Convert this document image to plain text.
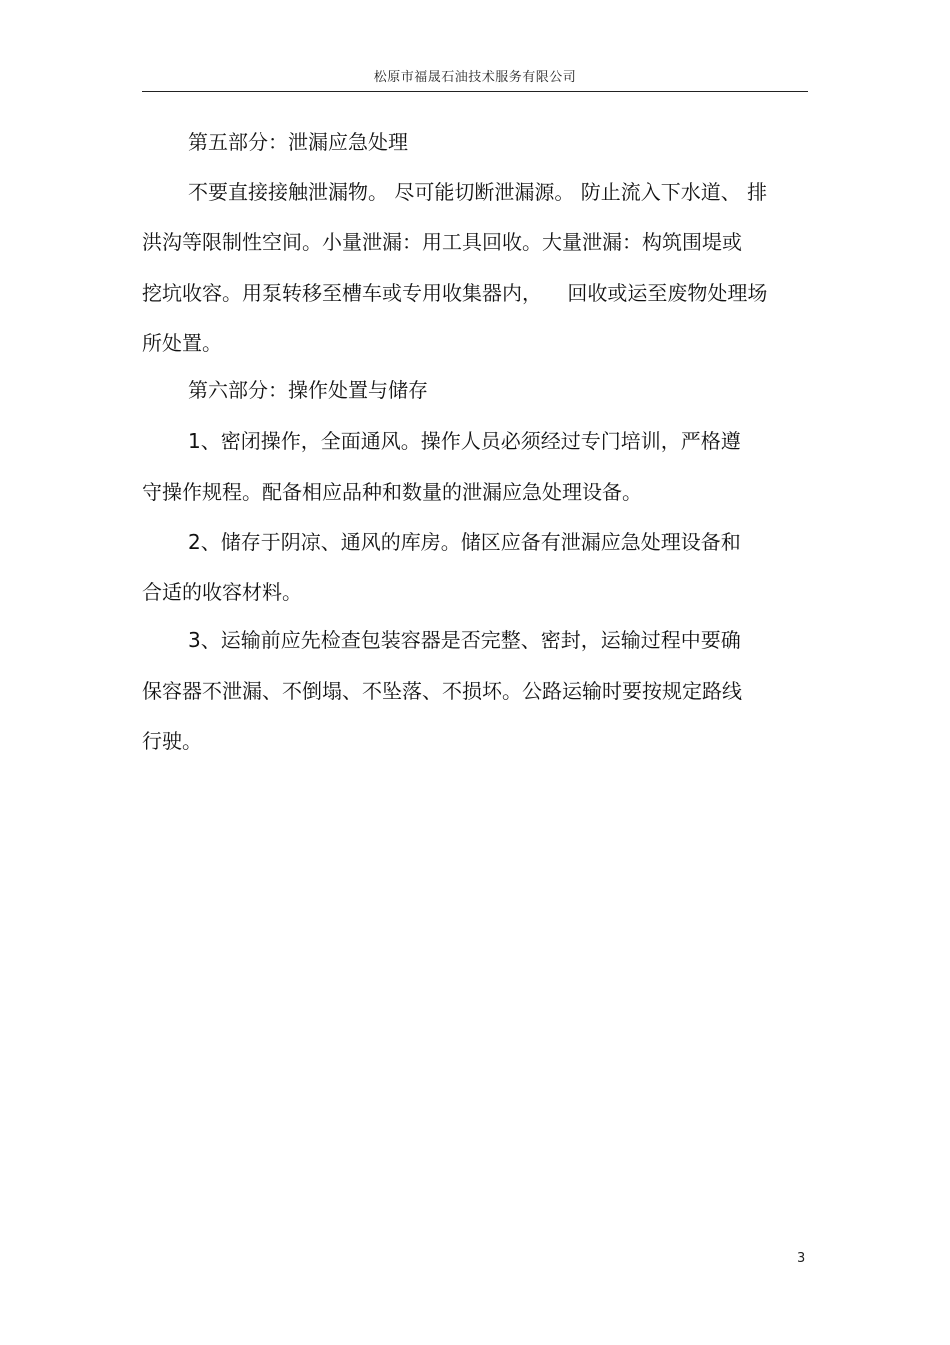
松原市福晟石油技术服务有限公司
第五部分：泄漏应急处理
不要直接接触泄漏物。 尽可能切断泄漏源。 防止流入下水道、 排
洪沟等限制性空间。小量泄漏：用工具回收。大量泄漏：构筑围堤或
挖坑收容。用泵转移至槽车或专用收集器内，    回收或运至废物处理场
所处置。
第六部分：操作处置与储存
1、密闭操作，全面通风。操作人员必须经过专门培训，严格遵
守操作规程。配备相应品种和数量的泄漏应急处理设备。
2、储存于阴凉、通风的库房。储区应备有泄漏应急处理设备和
合适的收容材料。
3、运输前应先检查包装容器是否完整、密封，运输过程中要确
保容器不泄漏、不倒塌、不坠落、不损坏。公路运输时要按规定路线
行驶。
3
